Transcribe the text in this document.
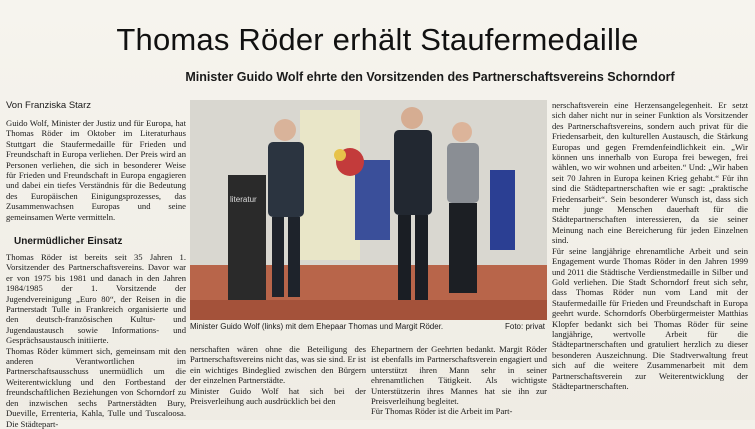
Thomas Röder erhält Staufermedaille
Minister Guido Wolf ehrte den Vorsitzenden des Partnerschaftsvereins Schorndorf
Von Franziska Starz

Guido Wolf, Minister der Justiz und für Europa, hat Thomas Röder im Oktober im Literaturhaus Stuttgart die Staufermedaille für Frieden und Freundschaft in Europa verliehen. Der Preis wird an Personen verliehen, die sich in besonderer Weise für Frieden und Freundschaft in Europa engagieren und dabei ein tiefes Verständnis für die Bedeutung des Europäischen Einigungsprozesses, das Zusammenwachsen Europas und seine gemeinsamen Werte vermitteln.

Unermüdlicher Einsatz

Thomas Röder ist bereits seit 35 Jahren 1. Vorsitzender des Partnerschaftsvereins. Davor war er von 1975 bis 1981 und danach in den Jahren 1984/1985 der 1. Vorsitzende der Jugendvereinigung „Euro 80“, der Reisen in die Partnerstadt Tulle in Frankreich organisierte und den deutsch-französischen Kultur- und Jugendaustausch sowie Informations- und Gesprächsaustausch initiierte.

Thomas Röder kümmert sich, gemeinsam mit den anderen Verantwortlichen im Partnerschaftsausschuss unermüdlich um die Weiterentwicklung und den Fortbestand der freundschaftlichen Beziehungen von Schorndorf zu den inzwischen sechs Partnerstädten Bury, Dueville, Errenteria, Kahla, Tulle und Tuscaloosa. Die Städtepart-

literatur
Minister Guido Wolf (links) mit dem Ehepaar Thomas und Margit Röder.	Foto: privat

nerschaften wären ohne die Beteiligung des Partnerschaftsvereins nicht das, was sie sind. Er ist ein wichtiges Bindeglied zwischen den Bürgern der einzelnen Partnerstädte.

Minister Guido Wolf hat sich bei der Preisverleihung auch ausdrücklich bei den

Ehepartnern der Geehrten bedankt. Margit Röder ist ebenfalls im Partnerschaftsverein engagiert und unterstützt ihren Mann sehr in seiner ehrenamtlichen Tätigkeit. Als wichtigste Unterstützerin ihres Mannes hat sie ihn zur Preisverleihung begleitet.

Für Thomas Röder ist die Arbeit im Part-

nerschaftsverein eine Herzensangelegenheit. Er setzt sich daher nicht nur in seiner Funktion als Vorsitzender des Partnerschaftsvereins, sondern auch privat für die Friedensarbeit, den kulturellen Austausch, die Stärkung Europas und gegen Fremdenfeindlichkeit ein. „Wir können uns innerhalb von Europa frei bewegen, frei wählen, wo wir wohnen und arbeiten.“ Und: „Wir haben seit 70 Jahren in Europa keinen Krieg gehabt.“ Für ihn sind die Städtepartnerschaften wie er sagt: „praktische Friedensarbeit“. Sein besonderer Wunsch ist, dass sich mehr junge Menschen dauerhaft für die Städtepartnerschaften interessieren, da sie seiner Meinung nach eine Bereicherung für jeden Einzelnen sind.

Für seine langjährige ehrenamtliche Arbeit und sein Engagement wurde Thomas Röder in den Jahren 1999 und 2011 die Städtische Verdienstmedaille in Silber und Gold verliehen. Die Stadt Schorndorf freut sich sehr, dass Thomas Röder nun vom Land mit der Staufermedaille für Frieden und Freundschaft in Europa geehrt wurde. Schorndorfs Oberbürgermeister Matthias Klopfer bedankt sich bei Thomas Röder für seine langjährige, wertvolle Arbeit für die Städtepartnerschaften und gratuliert herzlich zu dieser besonderen Auszeichnung. Die Stadtverwaltung freut sich auf die weitere Zusammenarbeit mit dem Partnerschaftsverein zur Weiterentwicklung der Städtepartnerschaften.
